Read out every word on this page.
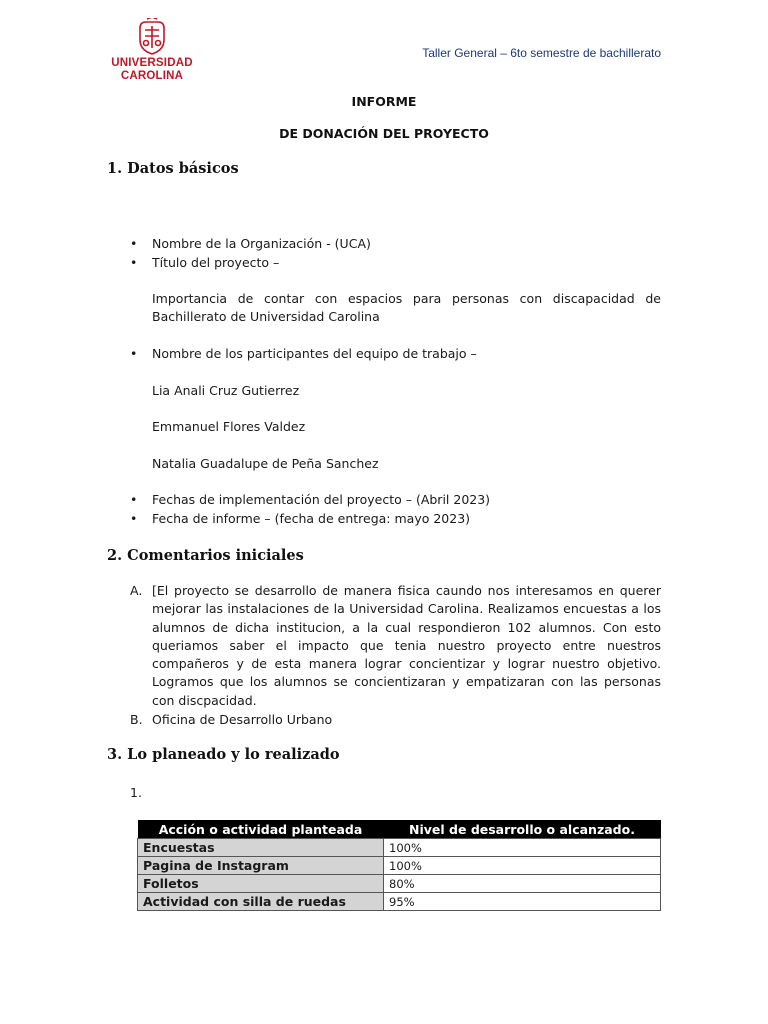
UNIVERSIDAD
CAROLINA
Taller General – 6to semestre de bachillerato
INFORME
DE DONACIÓN DEL PROYECTO
1. Datos básicos
• Nombre de la Organización - (UCA)
• Título del proyecto –
Importancia de contar con espacios para personas con discapacidad de Bachillerato de Universidad Carolina
• Nombre de los participantes del equipo de trabajo –
Lia Anali Cruz Gutierrez
Emmanuel Flores Valdez
Natalia Guadalupe de Peña Sanchez
• Fechas de implementación del proyecto – (Abril 2023)
• Fecha de informe – (fecha de entrega: mayo 2023)
2. Comentarios iniciales
A. [El proyecto se desarrollo de manera fisica caundo nos interesamos en querer mejorar las instalaciones de la Universidad Carolina. Realizamos encuestas a los alumnos de dicha institucion, a la cual respondieron 102 alumnos. Con esto queriamos saber el impacto que tenia nuestro proyecto entre nuestros compañeros y de esta manera lograr concientizar y lograr nuestro objetivo. Logramos que los alumnos se concientizaran y empatizaran con las personas con discpacidad.
B. Oficina de Desarrollo Urbano
3. Lo planeado y lo realizado
1.
Acción o actividad planteada	Nivel de desarrollo o alcanzado.
Encuestas	100%
Pagina de Instagram	100%
Folletos	80%
Actividad con silla de ruedas	95%
